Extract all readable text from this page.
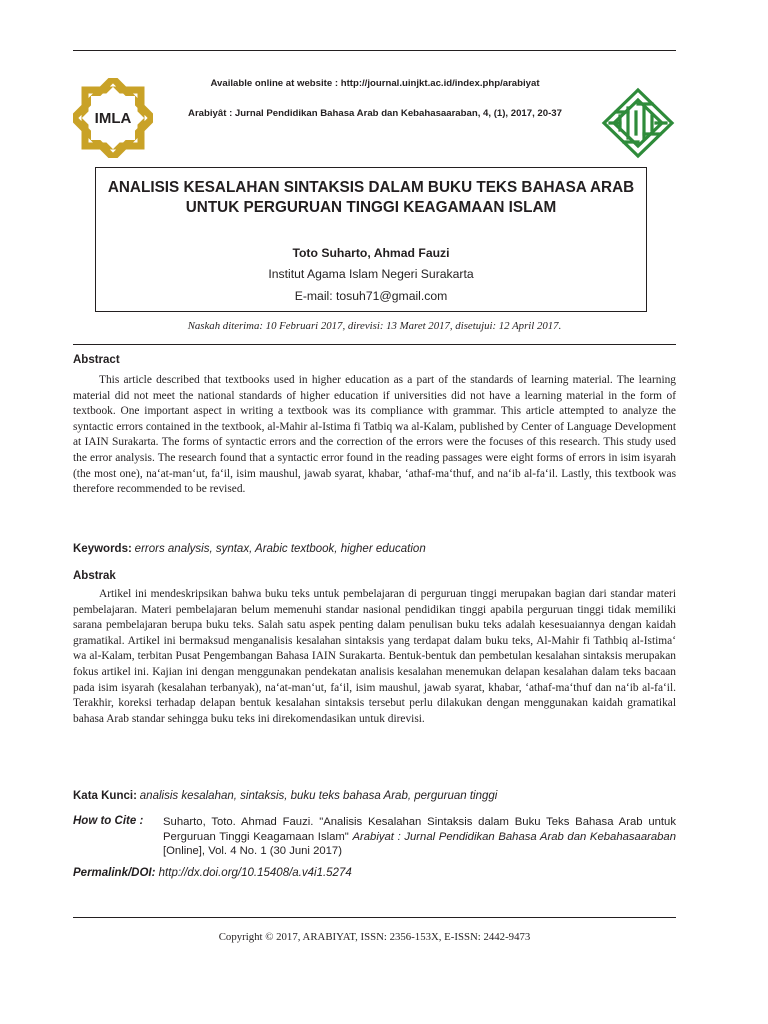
IMLA
Available online at website : http://journal.uinjkt.ac.id/index.php/arabiyat
Arabiyât : Jurnal Pendidikan Bahasa Arab dan Kebahasaaraban, 4, (1), 2017, 20-37
ANALISIS KESALAHAN SINTAKSIS DALAM BUKU TEKS BAHASA ARAB
UNTUK PERGURUAN TINGGI KEAGAMAAN ISLAM
Toto Suharto, Ahmad Fauzi
Institut Agama Islam Negeri Surakarta
E-mail: tosuh71@gmail.com
Naskah diterima: 10 Februari 2017, direvisi: 13 Maret 2017, disetujui: 12 April 2017.
Abstract

This article described that textbooks used in higher education as a part of the standards of learning material. The learning material did not meet the national standards of higher education if universities did not have a learning material in the form of textbook. One important aspect in writing a textbook was its compliance with grammar. This article attempted to analyze the syntactic errors contained in the textbook, al-Mahir al-Istima fi Tatbiq wa al-Kalam, published by Center of Language Development at IAIN Surakarta. The forms of syntactic errors and the correction of the errors were the focuses of this research. This study used the error analysis. The research found that a syntactic error found in the reading passages were eight forms of errors in isim isyarah (the most one), na‘at-man‘ut, fa‘il, isim maushul, jawab syarat, khabar, ‘athaf-ma‘thuf, and na‘ib al-fa‘il. Lastly, this textbook was therefore recommended to be revised.

Keywords: errors analysis, syntax, Arabic textbook, higher education
Abstrak

Artikel ini mendeskripsikan bahwa buku teks untuk pembelajaran di perguruan tinggi merupakan bagian dari standar materi pembelajaran. Materi pembelajaran belum memenuhi standar nasional pendidikan tinggi apabila perguruan tinggi tidak memiliki sarana pembelajaran berupa buku teks. Salah satu aspek penting dalam penulisan buku teks adalah kesesuaiannya dengan kaidah gramatikal. Artikel ini bermaksud menganalisis kesalahan sintaksis yang terdapat dalam buku teks, Al-Mahir fi Tathbiq al-Istima‘ wa al-Kalam, terbitan Pusat Pengembangan Bahasa IAIN Surakarta. Bentuk-bentuk dan pembetulan kesalahan sintaksis merupakan fokus artikel ini. Kajian ini dengan menggunakan pendekatan analisis kesalahan menemukan delapan kesalahan dalam teks bacaan pada isim isyarah (kesalahan terbanyak), na‘at-man‘ut, fa‘il, isim maushul, jawab syarat, khabar, ‘athaf-ma‘thuf dan na‘ib al-fa‘il. Terakhir, koreksi terhadap delapan bentuk kesalahan sintaksis tersebut perlu dilakukan dengan menggunakan kaidah gramatikal bahasa Arab standar sehingga buku teks ini direkomendasikan untuk direvisi.

Kata Kunci: analisis kesalahan, sintaksis, buku teks bahasa Arab, perguruan tinggi
How to Cite : Suharto, Toto. Ahmad Fauzi. "Analisis Kesalahan Sintaksis dalam Buku Teks Bahasa Arab untuk Perguruan Tinggi Keagamaan Islam" Arabiyat : Jurnal Pendidikan Bahasa Arab dan Kebahasaaraban [Online], Vol. 4 No. 1 (30 Juni 2017)
Permalink/DOI: http://dx.doi.org/10.15408/a.v4i1.5274
Copyright © 2017, ARABIYAT, ISSN: 2356-153X, E-ISSN: 2442-9473
